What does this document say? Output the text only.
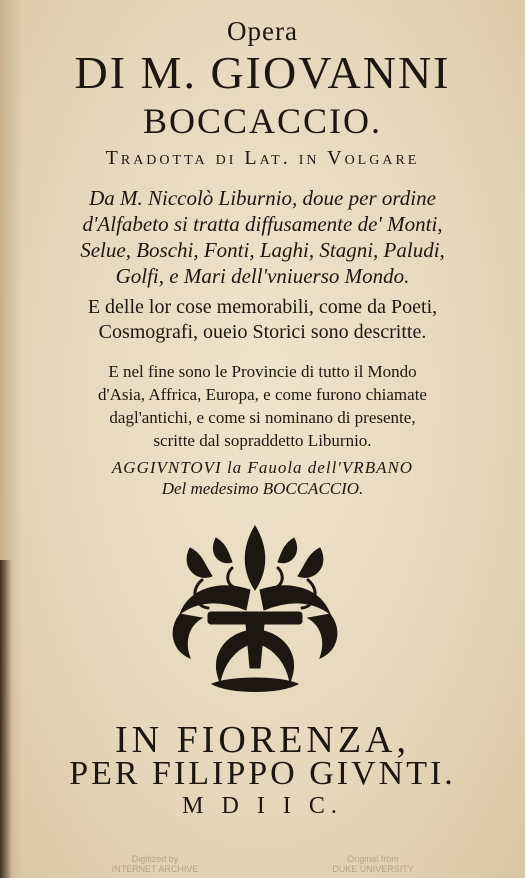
Opera
DI M. GIOVANNI
BOCCACCIO.
Tradotta di Lat. in Volgare
Da M. Niccolò Liburnio, doue per ordine
d'Alfabeto si tratta diffusamente de' Monti,
Selue, Boschi, Fonti, Laghi, Stagni, Paludi,
Golfi, e Mari dell'vniuerso Mondo.
E delle lor cose memorabili, come da Poeti,
Cosmografi, oueio Storici sono descritte.
E nel fine sono le Provincie di tutto il Mondo
d'Asia, Affrica, Europa, e come furono chiamate
dagl'antichi, e come si nominano di presente,
scritte dal sopraddetto Liburnio.
AGGIVNTOVI la Fauola dell'VRBANO
Del medesimo BOCCACCIO.
IN FIORENZA,
PER FILIPPO GIVNTI.
M D I I C.
Digitized by
INTERNET ARCHIVE
Original from
DUKE UNIVERSITY
